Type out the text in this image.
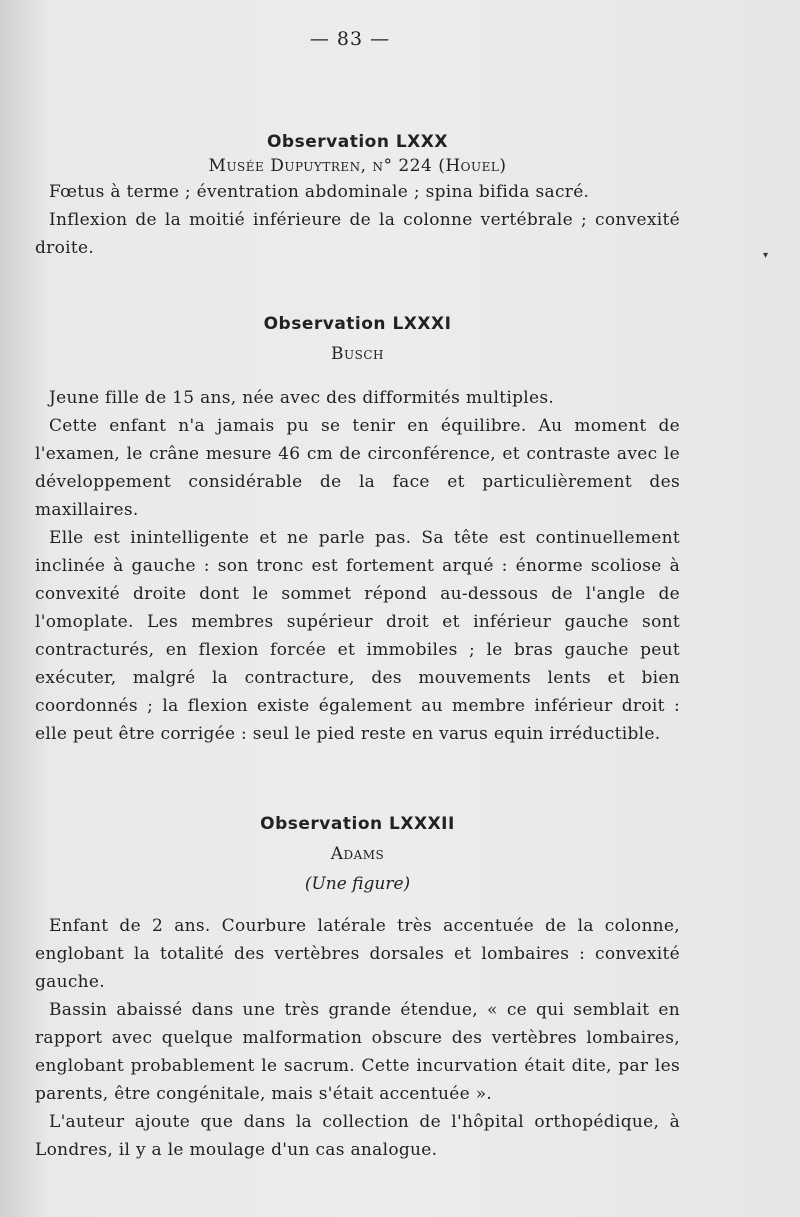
— 83 —
Observation LXXX
Musée Dupuytren, n° 224 (Houel)

Fœtus à terme ; éventration abdominale ; spina bifida sacré.

Inflexion de la moitié inférieure de la colonne vertébrale ; convexité droite.

Observation LXXXI
Busch

Jeune fille de 15 ans, née avec des difformités multiples.

Cette enfant n'a jamais pu se tenir en équilibre. Au moment de l'examen, le crâne mesure 46 cm de circonférence, et contraste avec le développement considérable de la face et particulièrement des maxillaires.

Elle est inintelligente et ne parle pas. Sa tête est continuellement inclinée à gauche : son tronc est fortement arqué : énorme scoliose à convexité droite dont le sommet répond au-dessous de l'angle de l'omoplate. Les membres supérieur droit et inférieur gauche sont contracturés, en flexion forcée et immobiles ; le bras gauche peut exécuter, malgré la contracture, des mouvements lents et bien coordonnés ; la flexion existe également au membre inférieur droit : elle peut être corrigée : seul le pied reste en varus equin irréductible.

Observation LXXXII
Adams
(Une figure)

Enfant de 2 ans. Courbure latérale très accentuée de la colonne, englobant la totalité des vertèbres dorsales et lombaires : convexité gauche.

Bassin abaissé dans une très grande étendue, « ce qui semblait en rapport avec quelque malformation obscure des vertèbres lombaires, englobant probablement le sacrum. Cette incurvation était dite, par les parents, être congénitale, mais s'était accentuée ».

L'auteur ajoute que dans la collection de l'hôpital orthopédique, à Londres, il y a le moulage d'un cas analogue.

▾
